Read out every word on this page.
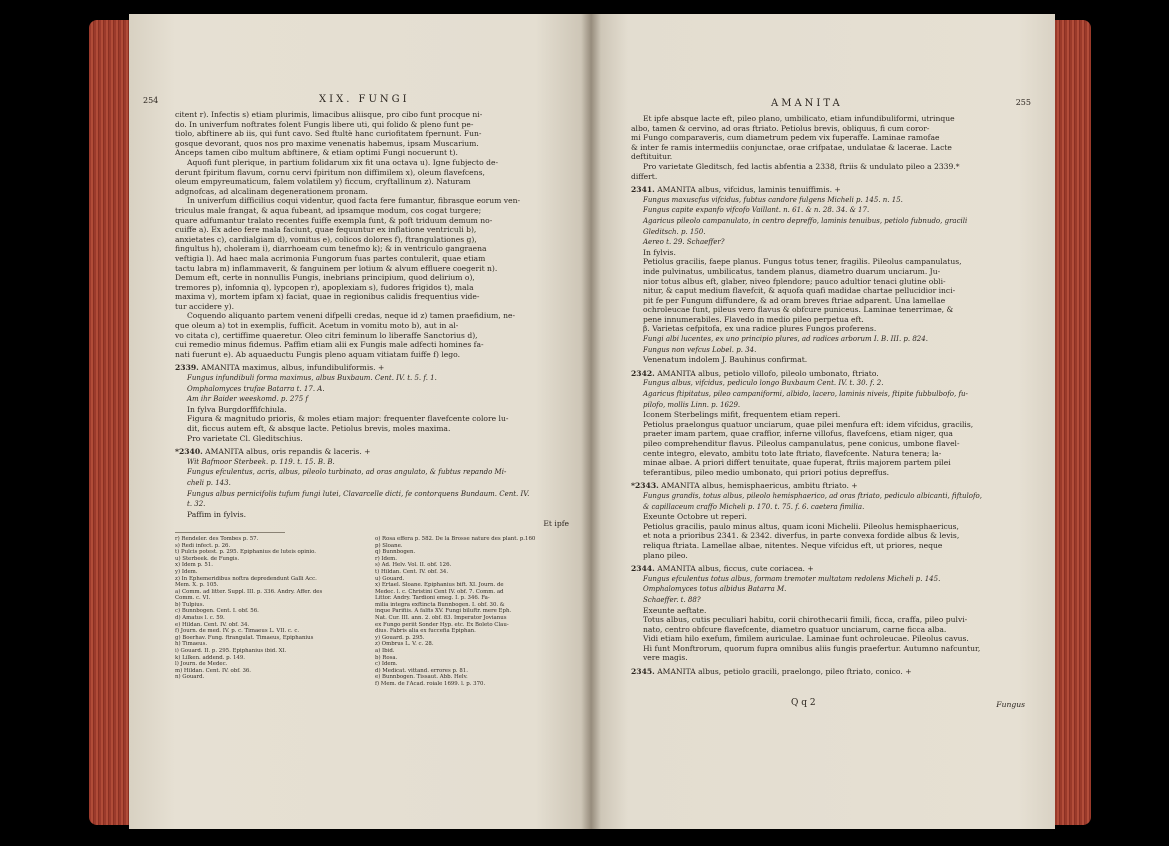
254	XIX. FUNGI

citent r). Infectis s) etiam plurimis, limacibus aliisque, pro cibo funt procque ni-

do. In univerfum noftrates folent Fungis libere uti, qui folido & pleno funt pe-

tiolo, abftinere ab iis, qui funt cavo. Sed ftultè hanc curiofitatem fpernunt. Fun-

gosque devorant, quos nos pro maxime venenatis habemus, ipsam Muscarium.

Anceps tamen cibo multum abftinere, & etiam optimi Fungi nocuerunt t).

Aquofi funt plerique, in partium folidarum xix fit una octava u). Igne fubjecto de-

derunt fpiritum flavum, cornu cervi fpiritum non diffimilem x), oleum flavefcens,

oleum empyreumaticum, falem volatilem y) ficcum, cryftallinum z). Naturam

adgnofcas, ad alcalinam degenerationem pronam.

In univerfum difficilius coqui videntur, quod facta fere fumantur, fibrasque eorum ven-

triculus male frangat, & aqua fubeant, ad ipsamque modum, cos cogat turgere;

quare adfumantur tralato recentes fuiffe exempla funt, & poft triduum demum no-

cuiffe a). Ex adeo fere mala faciunt, quae fequuntur ex inflatione ventriculi b),

anxietates c), cardialgiam d), vomitus e), colicos dolores f), ftrangulationes g),

fingultus h), choleram i), diarrhoeam cum tenefmo k); & in ventriculo gangraena

veftigia l). Ad haec mala acrimonia Fungorum fuas partes contulerit, quae etiam

tactu labra m) inflammaverit, & fanguinem per lotium & alvum effluere coegerit n).

Demum eft, certe in nonnullis Fungis, inebrians principium, quod delirium o),

tremores p), infomnia q), lypcopen r), apoplexiam s), fudores frigidos t), mala

maxima v), mortem ipfam x) faciat, quae in regionibus calidis frequentius vide-

tur accidere y).

Coquendo aliquanto partem veneni difpelli credas, neque id z) tamen praefidium, ne-

que oleum a) tot in exemplis, fufficit. Acetum in vomitu moto b), aut in al-

vo citata c), certiffime quaeretur. Oleo citri feminum lo liberaffe Sanctorius d),

cui remedio minus fidemus. Paffim etiam alii ex Fungis male adfecti homines fa-

nati fuerunt e). Ab aquaeductu Fungis pleno aquam vitiatam fuiffe f) lego.

2339. AMANITA maximus, albus, infundibuliformis. +

Fungus infundibuli forma maximus, albus Buxbaum. Cent. IV. t. 5. f. 1.

Omphalomyces trufae Batarra t. 17. A.

Am ihr Baider weeskomd. p. 275 f

In fylva Burgdorffifchiula.

Figura & magnitudo prioris, & moles etiam major: frequenter flavefcente colore lu-

dit, ficcus autem eft, & absque lacte. Petiolus brevis, moles maxima.

Pro varietate Cl. Gleditschius.

*2340. AMANITA albus, oris repandis & laceris. +

Wit Bafmoor Sterbeek. p. 119. t. 15. B. B.

Fungus efculentus, acris, albus, pileolo turbinato, ad oras angulato, & fubtus repando Mi-

cheli p. 143.

Fungus albus pernicifolis tufum fungi lutei, Clavarcelle dicti, fe contorquens Bundaum. Cent. IV.

t. 32.

Paffim in fylvis.

Et ipfe

r) Rendeler. des Tombes p. 57.
s) Redi infect. p. 26.
t) Pulcis potest. p. 295. Epiphanius de luteis opinio.
u) Sterbeek. de Fungis.
x) Idem p. 51.
y) Idem.
z) In Ephemeridibus noftra depredendunt Galli Acc.
Mem. X. p. 105.
a) Comm. ad litter. Suppl. III. p. 336. Andry. Affer. des
Comm. c. VI.
b) Tulpius.
c) Bunnbogen. Cent. I. obf. 56.
d) Amatus l. c. 59.
e) Hildan. Cent. IV. obf. 34.
f) Journ. de med. IV. p. c. Timaeus L. VII. c. c.
g) Boerhav. Fung. ftrangulat. Timaeus, Epiphanius
h) Timaeus.
i) Gouard. II. p. 295. Epiphanius ibid. XI.
k) Lilken. addend. p. 149.
l) Journ. de Medec.
m) Hildan. Cent. IV. obf. 36.
n) Gouard.
o) Rosa effera p. 582. De la Brosse nature des plant. p.160
p) Sloane.
q) Bunnbogen.
r) Idem.
s) Ad. Helv. Vol. II. obf. 126.
t) Hildan. Cent. IV. obf. 34.
u) Gouard.
x) Ertael. Sloane. Epiphanius bift. XI. Journ. de
Medec. l. c. Christini Cent IV. obf. 7. Comm. ad
Littor. Andry. Tardioni emeg. I. p. 346. Fa-
milia integra exftincta Bunnbogen. I. obf. 30. &
inque Parifiis. A falfis XV. Fungi biluftr. mere Eph.
Nat. Cur. III. ann. 2. obf. 83. Imperator Jovianus
ex Fungo periit Sonder Hyp. etc. Ex Boleto Clau-
dius. Fabris alia ex fuccefia Epiphan.
y) Gouard. p. 295.
z) Ombrus L. V. c. 28.
a) Ibid.
b) Rosa.
c) Idem.
d) Medicat. vittand. errores p. 81.
e) Bunnbogen. Tissaut. Abb. Helv.
f) Mem. de l'Acad. roiale 1699. l. p. 370.
AMANITA	255

Et ipfe absque lacte eft, pileo plano, umbilicato, etiam infundibuliformi, utrinque

albo, tamen & cervino, ad oras ftriato. Petiolus brevis, obliquus, fi cum coror-

mi Fungo comparaveris, cum diametrum pedem vix fuperaffe. Laminae ramofae

& inter fe ramis intermediis conjunctae, orae crifpatae, undulatae & lacerae. Lacte

deftituitur.

Pro varietate Gleditsch, fed lactis abfentia a 2338, ftriis & undulato pileo a 2339.*

differt.

2341. AMANITA albus, vifcidus, laminis tenuiffimis. +

Fungus maxuscfus vifcidus, fubtus candore fulgens Micheli p. 145. n. 15.

Fungus capite expanfo vifcofo Vaillant. n. 61. & n. 28. 34. & 17.

Agaricus pileolo campanulato, in centro depreffo, laminis tenuibus, petiolo fubnudo, gracili

Gleditsch. p. 150.

Aereo t. 29. Schaeffer?

In fylvis.

Petiolus gracilis, faepe planus. Fungus totus tener, fragilis. Pileolus campanulatus,

inde pulvinatus, umbilicatus, tandem planus, diametro duarum unciarum. Ju-

nior totus albus eft, glaber, niveo fplendore; pauco adultior tenaci glutine obli-

nitur, & caput medium flavefcit, & aquofa quafi madidae chartae pellucidior inci-

pit fe per Fungum diffundere, & ad oram breves ftriae adparent. Una lamellae

ochroleucae funt, pileus vero flavus & obfcure puniceus. Laminae tenerrimae, &

pene innumerabiles. Flavedo in medio pileo perpetua eft.

β. Varietas cefpitofa, ex una radice plures Fungos proferens.

Fungi albi lucentes, ex uno principio plures, ad radices arborum I. B. III. p. 824.

Fungus non vefcus Lobel. p. 34.

Venenatum indolem J. Bauhinus confirmat.

2342. AMANITA albus, petiolo villofo, pileolo umbonato, ftriato.

Fungus albus, vifcidus, pediculo longo Buxbaum Cent. IV. t. 30. f. 2.

Agaricus ftipitatus, pileo campaniformi, albido, lacero, laminis niveis, ftipite fubbulbofo, fu-

pilofo, mollis Linn. p. 1629.

Iconem Sterbelings mifit, frequentem etiam reperi.

Petiolus praelongus quatuor unciarum, quae pilei menfura eft: idem vifcidus, gracilis,

praeter imam partem, quae craffior, inferne villofus, flavefcens, etiam niger, qua

pileo comprehenditur flavus. Pileolus campanulatus, pene conicus, umbone flavel-

cente integro, elevato, ambitu toto late ftriato, flavefcente. Natura tenera; la-

minae albae. A priori differt tenuitate, quae fuperat, ftriis majorem partem pilei

teferantibus, pileo medio umbonato, qui priori potius depreffus.

*2343. AMANITA albus, hemisphaericus, ambitu ftriato. +

Fungus grandis, totus albus, pileolo hemisphaerico, ad oras ftriato, pediculo albicanti, fiftulofo,

& capillaceum craffo Micheli p. 170. t. 75. f. 6. caetera fimilia.

Exeunte Octobre ut reperi.

Petiolus gracilis, paulo minus altus, quam iconi Michelii. Pileolus hemisphaericus,

et nota a prioribus 2341. & 2342. diverfus, in parte convexa fordide albus & levis,

reliqua ftriata. Lamellae albae, nitentes. Neque vifcidus eft, ut priores, neque

plano pileo.

2344. AMANITA albus, ficcus, cute coriacea. +

Fungus efculentus totus albus, formam tremoter multatam redolens Micheli p. 145.

Omphalomyces totus albidus Batarra M.

Schaeffer. t. 88?

Exeunte aeftate.

Totus albus, cutis peculiari habitu, corii chirothecarii fimili, ficca, craffa, pileo pulvi-

nato, centro obfcure flavefcente, diametro quatuor unciarum, carne ficca alba.

Vidi etiam hilo exefum, fimilem auriculae. Laminae funt ochroleucae. Pileolus cavus.

Hi funt Monftrorum, quorum fupra omnibus aliis fungis praefertur. Autumno nafcuntur,

vere magis.

2345. AMANITA albus, petiolo gracili, praelongo, pileo ftriato, conico. +

Q q 2	Fungus
